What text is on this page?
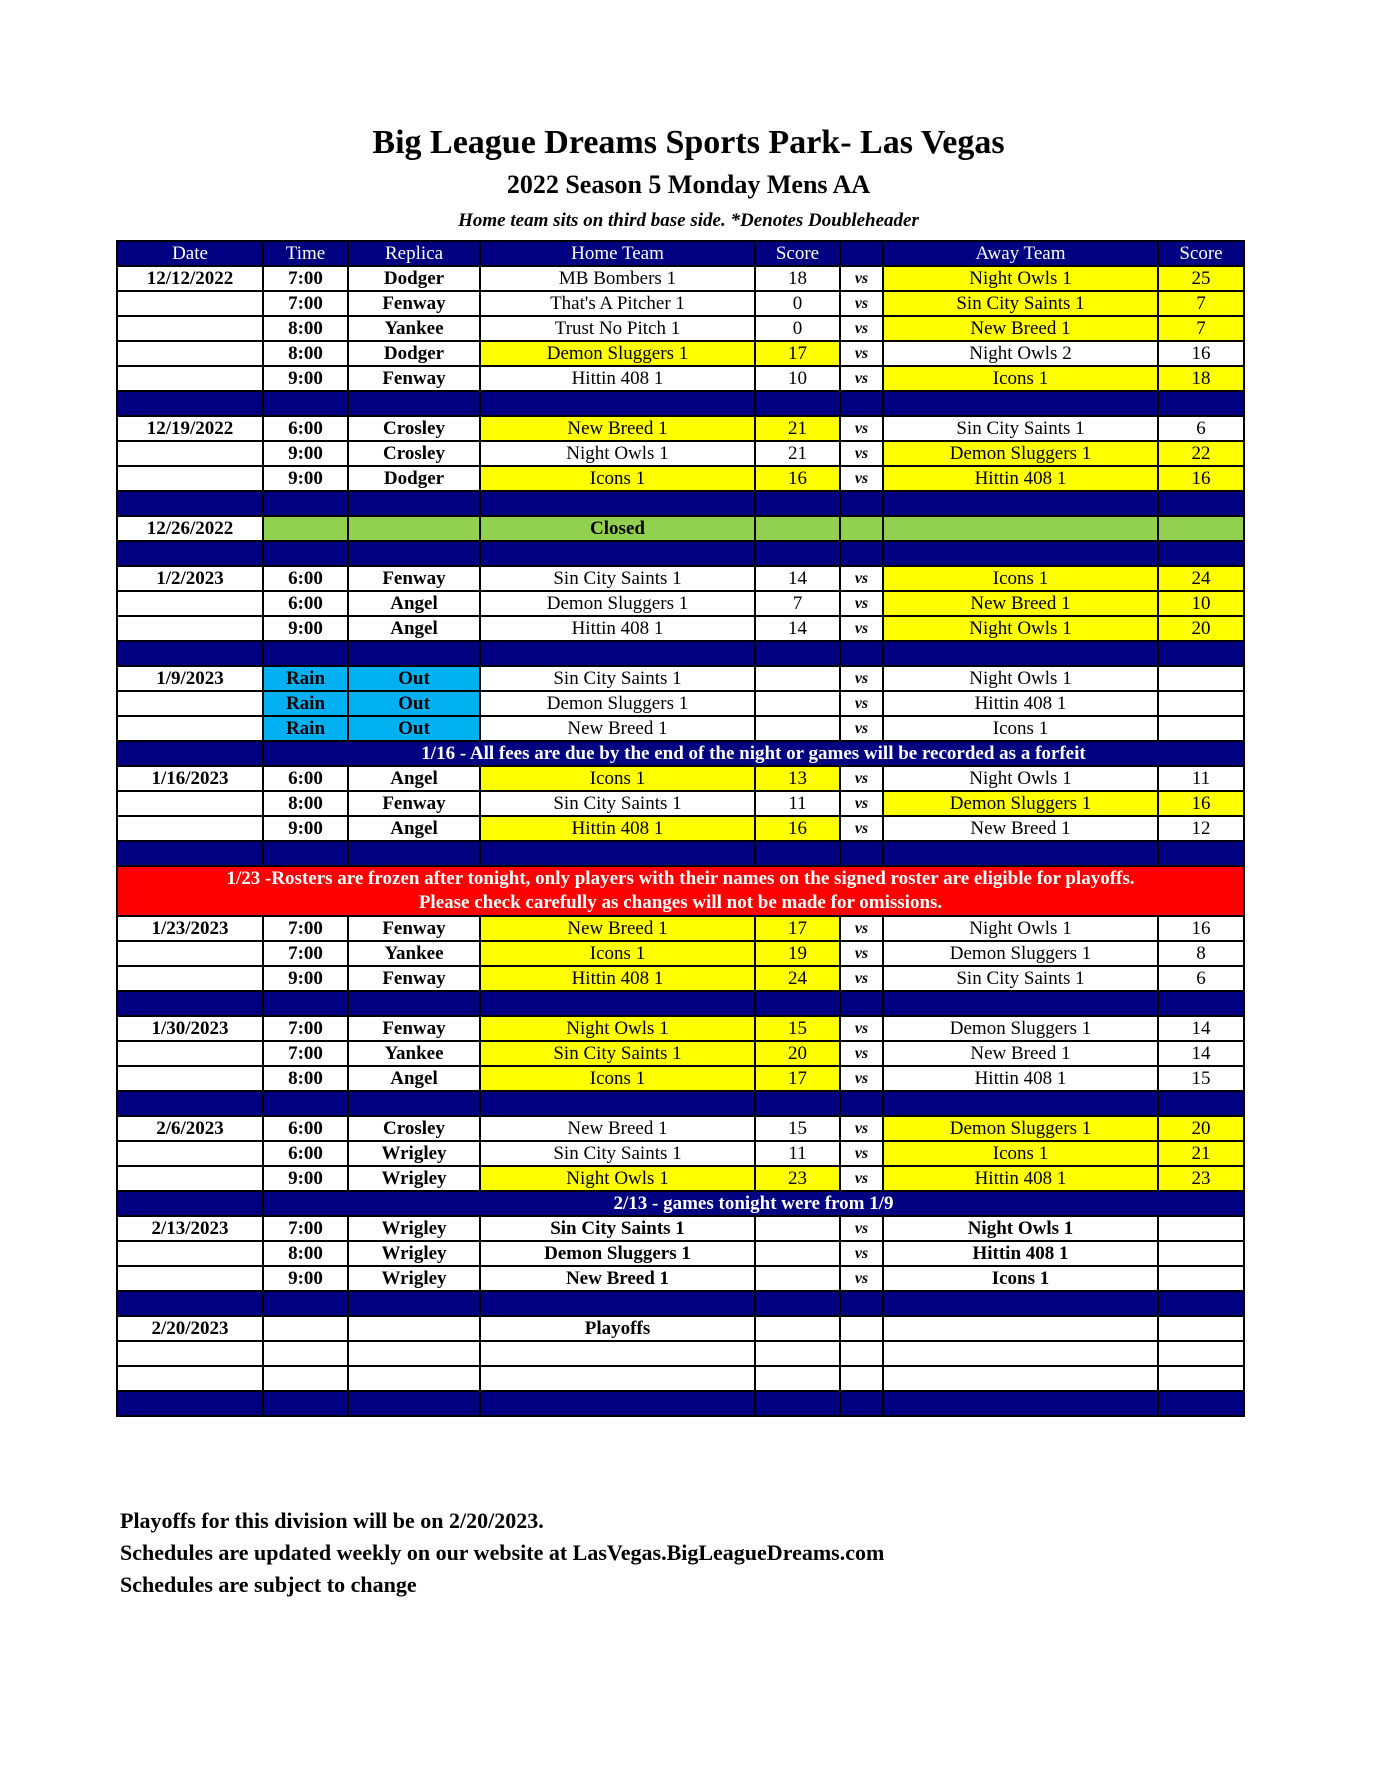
Big League Dreams Sports Park- Las Vegas
2022 Season 5 Monday Mens AA
Home team sits on third base side. *Denotes Doubleheader
Date	Time	Replica	Home Team	Score		Away Team	Score
12/12/2022	7:00	Dodger	MB Bombers 1	18	vs	Night Owls 1	25
	7:00	Fenway	That's A Pitcher 1	0	vs	Sin City Saints 1	7
	8:00	Yankee	Trust No Pitch 1	0	vs	New Breed 1	7
	8:00	Dodger	Demon Sluggers 1	17	vs	Night Owls 2	16
	9:00	Fenway	Hittin 408 1	10	vs	Icons 1	18

12/19/2022	6:00	Crosley	New Breed 1	21	vs	Sin City Saints 1	6
	9:00	Crosley	Night Owls 1	21	vs	Demon Sluggers 1	22
	9:00	Dodger	Icons 1	16	vs	Hittin 408 1	16

12/26/2022			Closed				

1/2/2023	6:00	Fenway	Sin City Saints 1	14	vs	Icons 1	24
	6:00	Angel	Demon Sluggers 1	7	vs	New Breed 1	10
	9:00	Angel	Hittin 408 1	14	vs	Night Owls 1	20

1/9/2023	Rain	Out	Sin City Saints 1		vs	Night Owls 1	
	Rain	Out	Demon Sluggers 1		vs	Hittin 408 1	
	Rain	Out	New Breed 1		vs	Icons 1	
	1/16 - All fees are due by the end of the night or games will be recorded as a forfeit						
1/16/2023	6:00	Angel	Icons 1	13	vs	Night Owls 1	11
	8:00	Fenway	Sin City Saints 1	11	vs	Demon Sluggers 1	16
	9:00	Angel	Hittin 408 1	16	vs	New Breed 1	12

1/23 -Rosters are frozen after tonight, only players with their names on the signed roster are eligible for playoffs.
Please check carefully as changes will not be made for omissions.							

1/23/2023	7:00	Fenway	New Breed 1	17	vs	Night Owls 1	16
	7:00	Yankee	Icons 1	19	vs	Demon Sluggers 1	8
	9:00	Fenway	Hittin 408 1	24	vs	Sin City Saints 1	6

1/30/2023	7:00	Fenway	Night Owls 1	15	vs	Demon Sluggers 1	14
	7:00	Yankee	Sin City Saints 1	20	vs	New Breed 1	14
	8:00	Angel	Icons 1	17	vs	Hittin 408 1	15

2/6/2023	6:00	Crosley	New Breed 1	15	vs	Demon Sluggers 1	20
	6:00	Wrigley	Sin City Saints 1	11	vs	Icons 1	21
	9:00	Wrigley	Night Owls 1	23	vs	Hittin 408 1	23
	2/13 - games tonight were from 1/9						
2/13/2023	7:00	Wrigley	Sin City Saints 1		vs	Night Owls 1	
	8:00	Wrigley	Demon Sluggers 1		vs	Hittin 408 1	
	9:00	Wrigley	New Breed 1		vs	Icons 1	

2/20/2023			Playoffs				

Playoffs for this division will be on 2/20/2023.
Schedules are updated weekly on our website at LasVegas.BigLeagueDreams.com
Schedules are subject to change
